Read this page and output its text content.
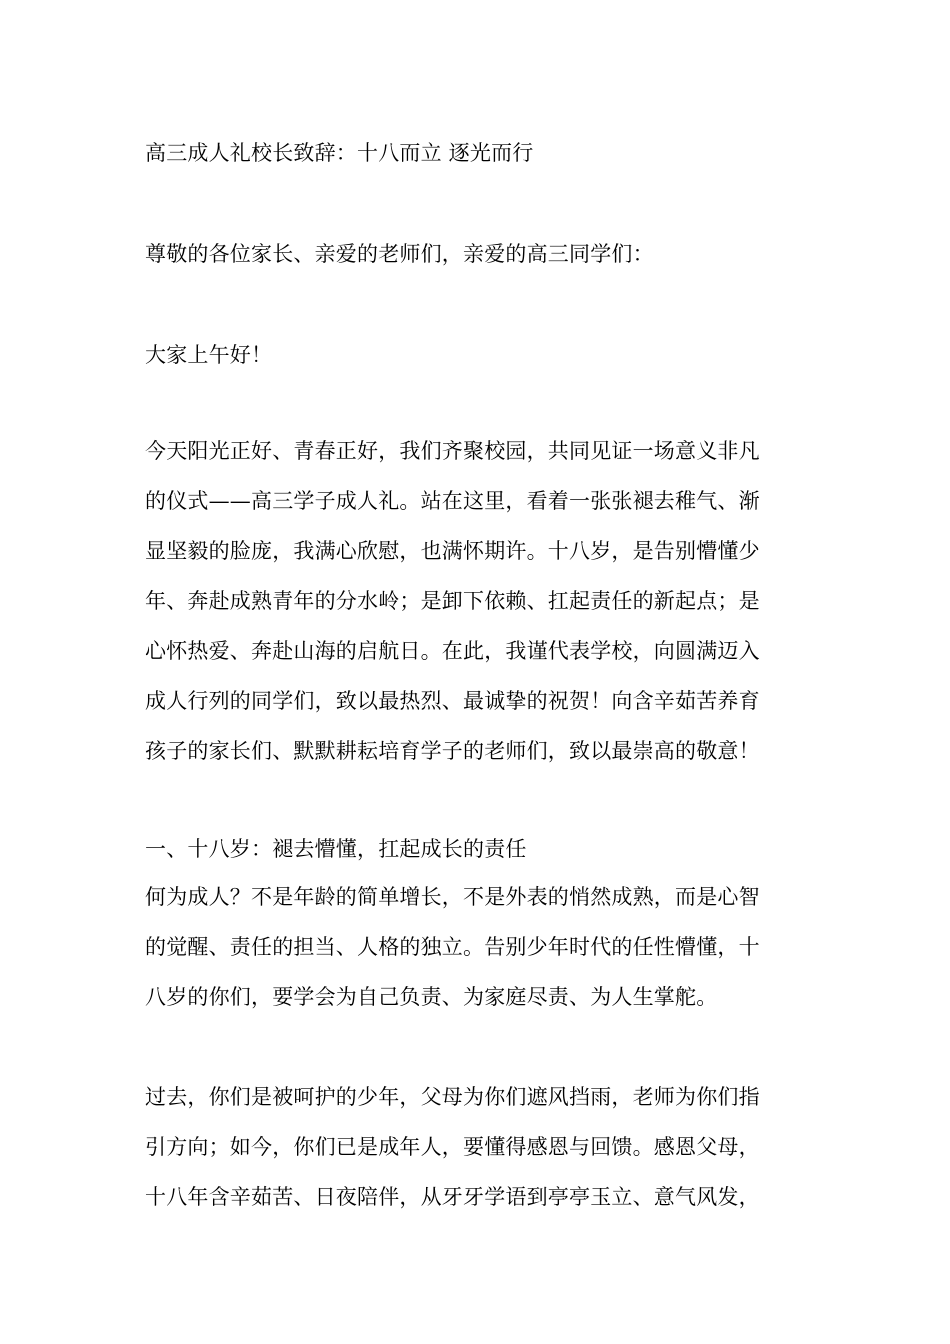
高三成人礼校长致辞：十八而立 逐光而行
尊敬的各位家长、亲爱的老师们，亲爱的高三同学们：
大家上午好！
今天阳光正好、青春正好，我们齐聚校园，共同见证一场意义非凡
的仪式——高三学子成人礼。站在这里，看着一张张褪去稚气、渐
显坚毅的脸庞，我满心欣慰，也满怀期许。十八岁，是告别懵懂少
年、奔赴成熟青年的分水岭；是卸下依赖、扛起责任的新起点；是
心怀热爱、奔赴山海的启航日。在此，我谨代表学校，向圆满迈入
成人行列的同学们，致以最热烈、最诚挚的祝贺！向含辛茹苦养育
孩子的家长们、默默耕耘培育学子的老师们，致以最崇高的敬意！
一、十八岁：褪去懵懂，扛起成长的责任
何为成人？不是年龄的简单增长，不是外表的悄然成熟，而是心智
的觉醒、责任的担当、人格的独立。告别少年时代的任性懵懂，十
八岁的你们，要学会为自己负责、为家庭尽责、为人生掌舵。
过去，你们是被呵护的少年，父母为你们遮风挡雨，老师为你们指
引方向；如今，你们已是成年人，要懂得感恩与回馈。感恩父母，
十八年含辛茹苦、日夜陪伴，从牙牙学语到亭亭玉立、意气风发，
